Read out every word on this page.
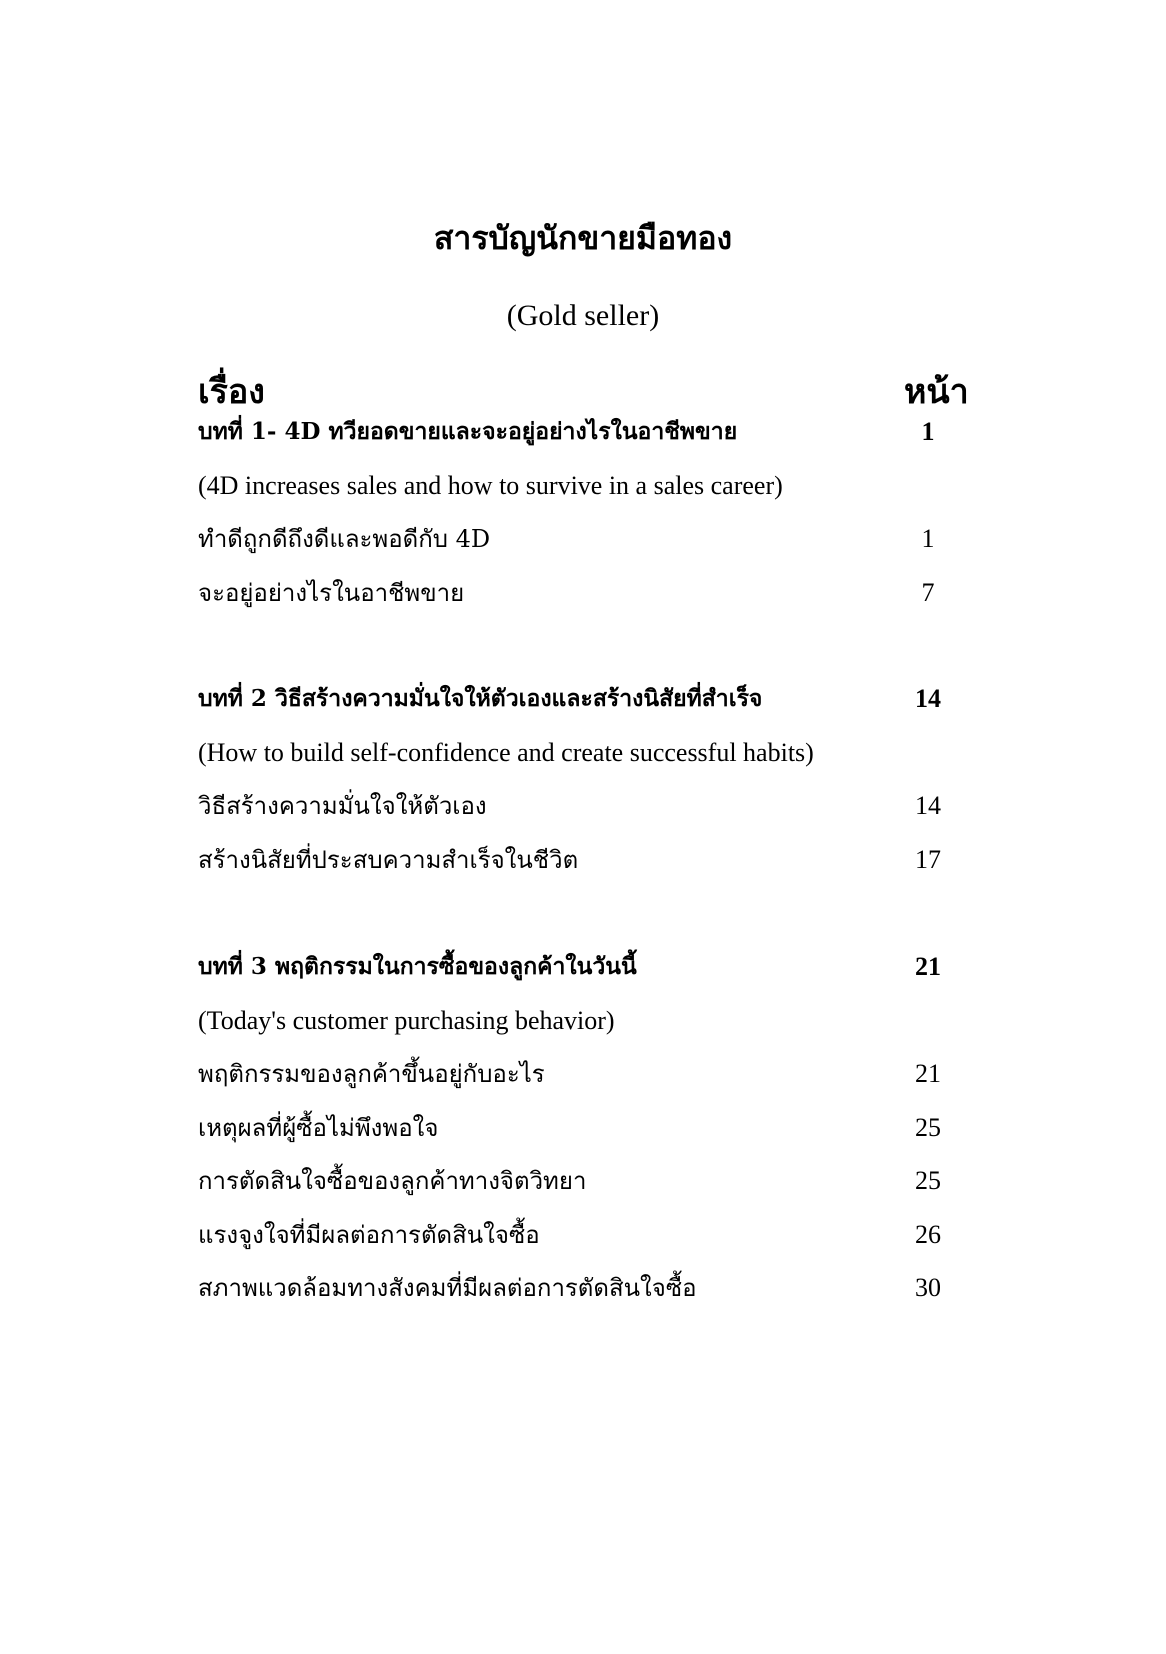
สารบัญนักขายมือทอง
(Gold seller)
เรื่อง	หน้า
บทที่ 1- 4D ทวียอดขายและจะอยู่อย่างไรในอาชีพขาย	1
(4D increases sales and how to survive in a sales career)
ทำดีถูกดีถึงดีและพอดีกับ 4D	1
จะอยู่อย่างไรในอาชีพขาย	7
บทที่ 2 วิธีสร้างความมั่นใจให้ตัวเองและสร้างนิสัยที่สำเร็จ	14
(How to build self-confidence and create successful habits)
วิธีสร้างความมั่นใจให้ตัวเอง	14
สร้างนิสัยที่ประสบความสำเร็จในชีวิต	17
บทที่ 3 พฤติกรรมในการซื้อของลูกค้าในวันนี้	21
(Today's customer purchasing behavior)
พฤติกรรมของลูกค้าขึ้นอยู่กับอะไร	21
เหตุผลที่ผู้ซื้อไม่พึงพอใจ	25
การตัดสินใจซื้อของลูกค้าทางจิตวิทยา	25
แรงจูงใจที่มีผลต่อการตัดสินใจซื้อ	26
สภาพแวดล้อมทางสังคมที่มีผลต่อการตัดสินใจซื้อ	30
